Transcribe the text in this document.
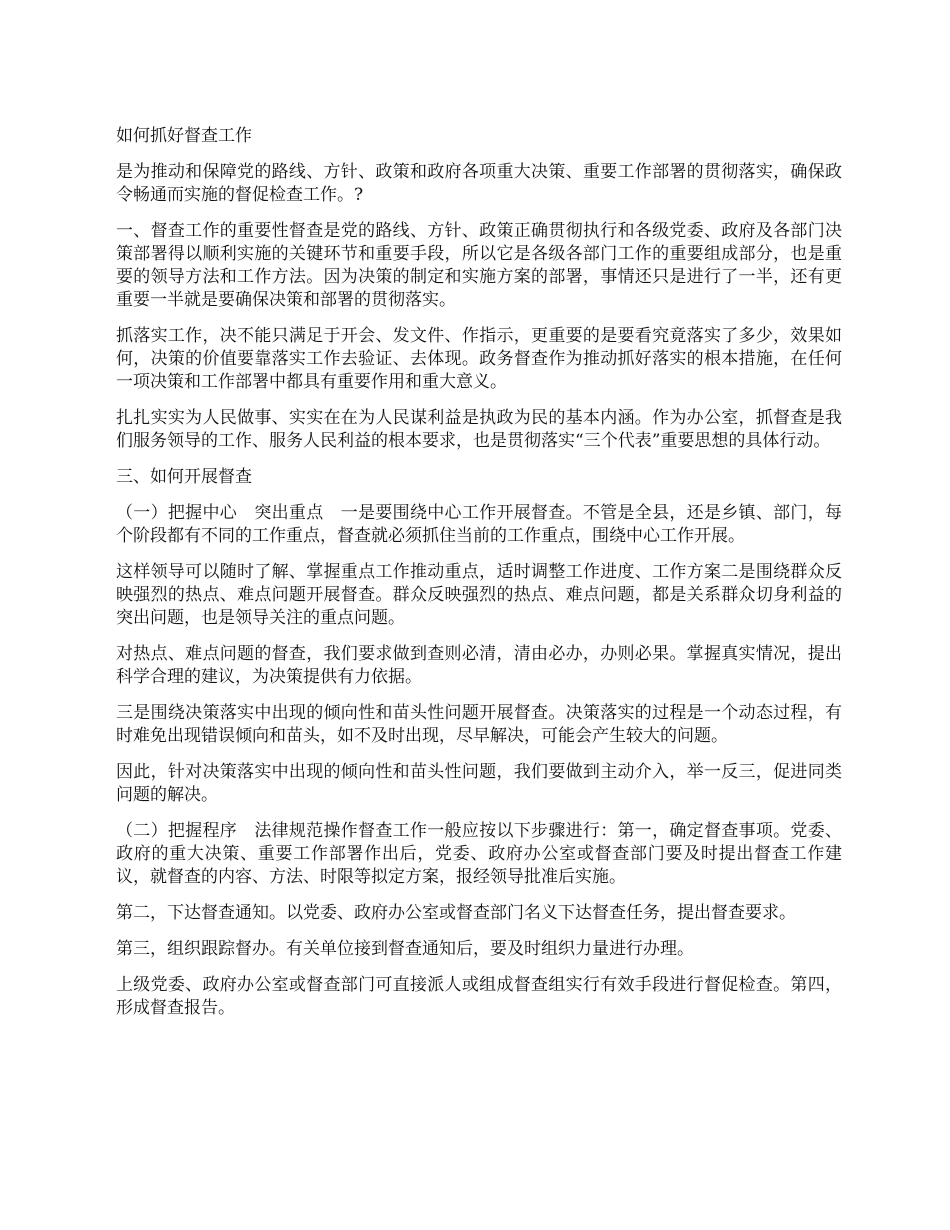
如何抓好督查工作

是为推动和保障党的路线、方针、政策和政府各项重大决策、重要工作部署的贯彻落实，确保政令畅通而实施的督促检查工作。?

一、督查工作的重要性督查是党的路线、方针、政策正确贯彻执行和各级党委、政府及各部门决策部署得以顺利实施的关键环节和重要手段，所以它是各级各部门工作的重要组成部分，也是重要的领导方法和工作方法。因为决策的制定和实施方案的部署，事情还只是进行了一半，还有更重要一半就是要确保决策和部署的贯彻落实。

抓落实工作，决不能只满足于开会、发文件、作指示，更重要的是要看究竟落实了多少，效果如何，决策的价值要靠落实工作去验证、去体现。政务督查作为推动抓好落实的根本措施，在任何一项决策和工作部署中都具有重要作用和重大意义。

扎扎实实为人民做事、实实在在为人民谋利益是执政为民的基本内涵。作为办公室，抓督查是我们服务领导的工作、服务人民利益的根本要求，也是贯彻落实“三个代表”重要思想的具体行动。

三、如何开展督查

（一）把握中心　突出重点　一是要围绕中心工作开展督查。不管是全县，还是乡镇、部门，每个阶段都有不同的工作重点，督查就必须抓住当前的工作重点，围绕中心工作开展。

这样领导可以随时了解、掌握重点工作推动重点，适时调整工作进度、工作方案二是围绕群众反映强烈的热点、难点问题开展督查。群众反映强烈的热点、难点问题，都是关系群众切身利益的突出问题，也是领导关注的重点问题。

对热点、难点问题的督查，我们要求做到查则必清，清由必办，办则必果。掌握真实情况，提出科学合理的建议，为决策提供有力依据。

三是围绕决策落实中出现的倾向性和苗头性问题开展督查。决策落实的过程是一个动态过程，有时难免出现错误倾向和苗头，如不及时出现，尽早解决，可能会产生较大的问题。

因此，针对决策落实中出现的倾向性和苗头性问题，我们要做到主动介入，举一反三，促进同类问题的解决。

（二）把握程序　法律规范操作督查工作一般应按以下步骤进行：第一，确定督查事项。党委、政府的重大决策、重要工作部署作出后，党委、政府办公室或督查部门要及时提出督查工作建议，就督查的内容、方法、时限等拟定方案，报经领导批准后实施。

第二，下达督查通知。以党委、政府办公室或督查部门名义下达督查任务，提出督查要求。

第三，组织跟踪督办。有关单位接到督查通知后，要及时组织力量进行办理。

上级党委、政府办公室或督查部门可直接派人或组成督查组实行有效手段进行督促检查。第四，形成督查报告。
